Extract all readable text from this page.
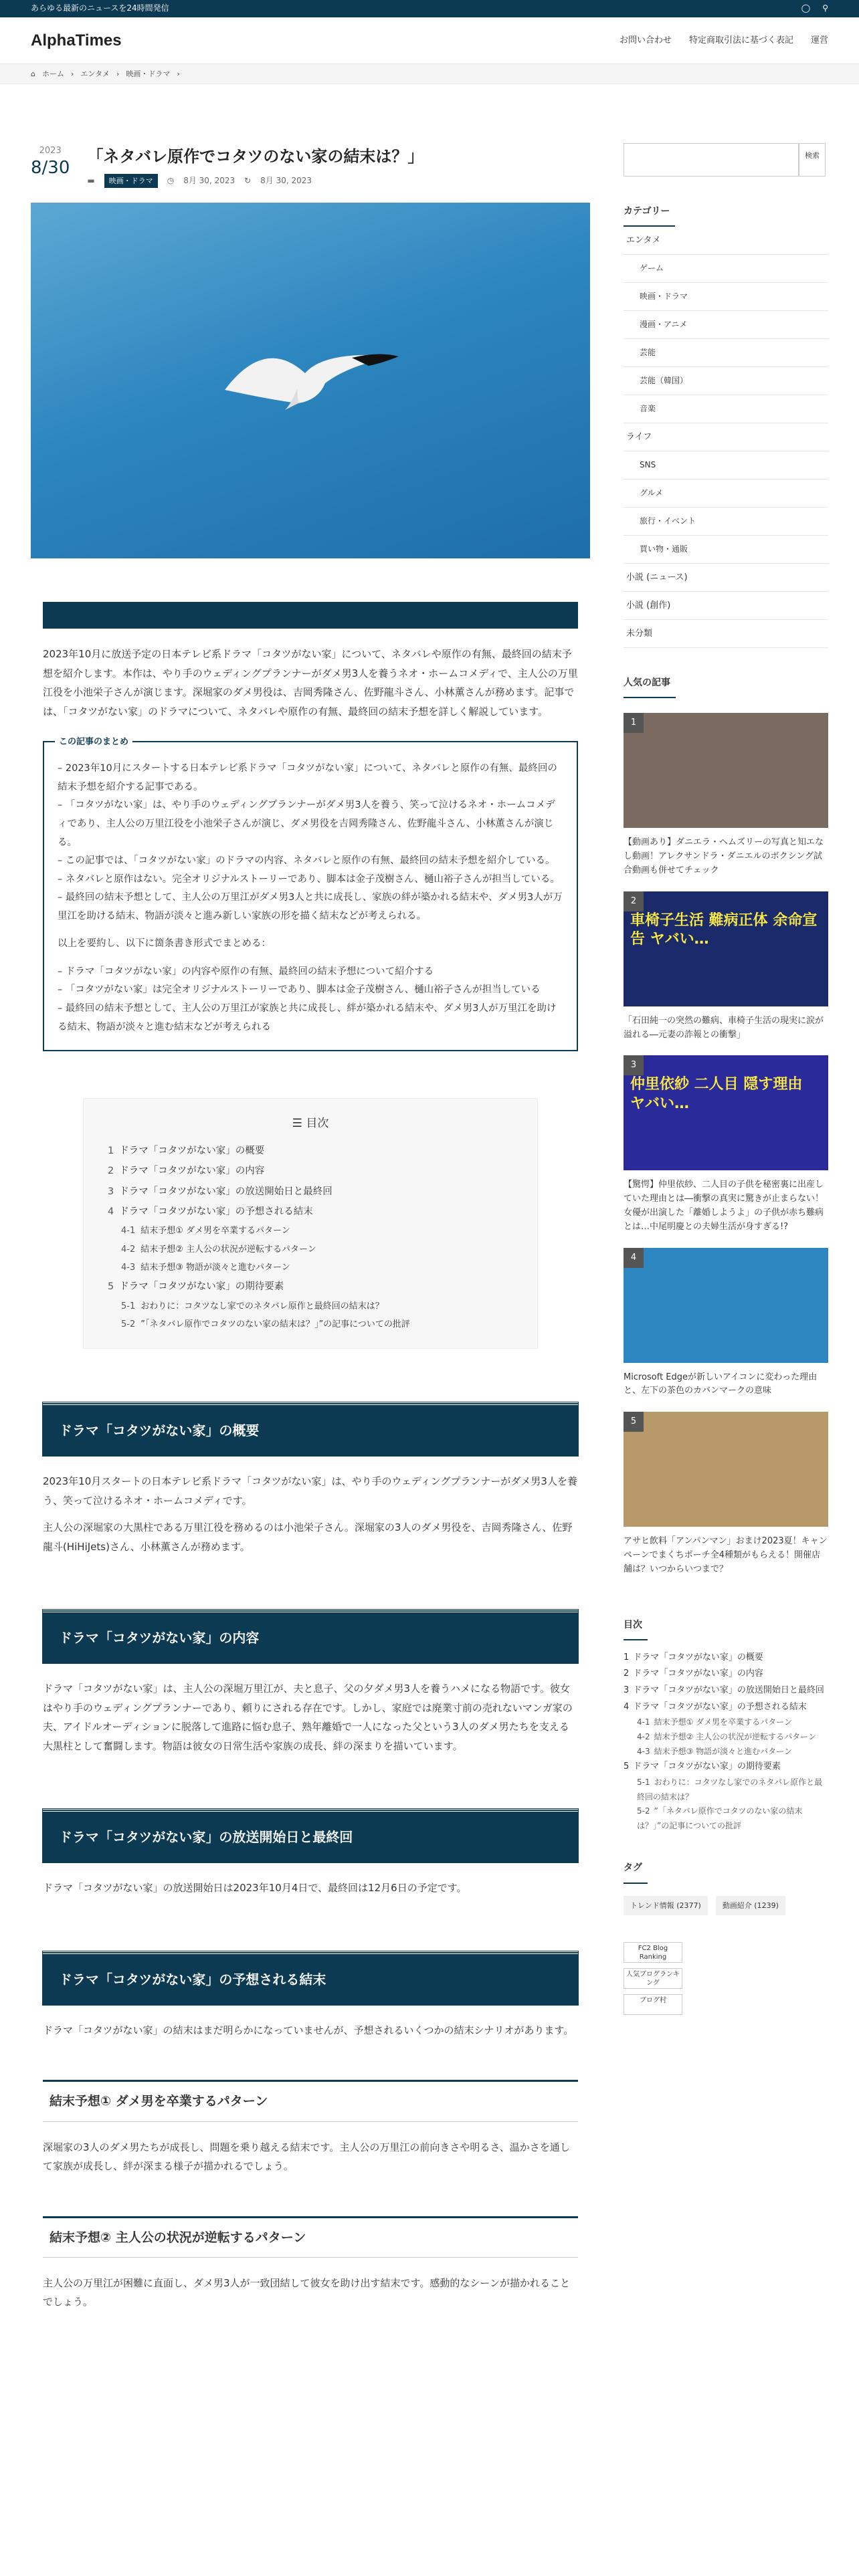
あらゆる最新のニュースを24時間発信	◯ ⚲
AlphaTimes	お問い合わせ 特定商取引法に基づく表記 運営
⌂ ホーム › エンタメ › 映画・ドラマ ›
2023
8/30
「ネタバレ原作でコタツのない家の結末は？」
▬	映画・ドラマ	◷ 8月 30, 2023 ↻ 8月 30, 2023

2023年10月に放送予定の日本テレビ系ドラマ「コタツがない家」について、ネタバレや原作の有無、最終回の結末予想を紹介します。本作は、やり手のウェディングプランナーがダメ男3人を養うネオ・ホームコメディで、主人公の万里江役を小池栄子さんが演じます。深堀家のダメ男役は、吉岡秀隆さん、佐野龍斗さん、小林薫さんが務めます。記事では、「コタツがない家」のドラマについて、ネタバレや原作の有無、最終回の結末予想を詳しく解説しています。

この記事のまとめ

– 2023年10月にスタートする日本テレビ系ドラマ「コタツがない家」について、ネタバレと原作の有無、最終回の結末予想を紹介する記事である。

– 「コタツがない家」は、やり手のウェディングプランナーがダメ男3人を養う、笑って泣けるネオ・ホームコメディであり、主人公の万里江役を小池栄子さんが演じ、ダメ男役を吉岡秀隆さん、佐野龍斗さん、小林薫さんが演じる。

– この記事では、「コタツがない家」のドラマの内容、ネタバレと原作の有無、最終回の結末予想を紹介している。

– ネタバレと原作はない。完全オリジナルストーリーであり、脚本は金子茂樹さん、樋山裕子さんが担当している。

– 最終回の結末予想として、主人公の万里江がダメ男3人と共に成長し、家族の絆が築かれる結末や、ダメ男3人が万里江を助ける結末、物語が淡々と進み新しい家族の形を描く結末などが考えられる。

以上を要約し、以下に箇条書き形式でまとめる：

– ドラマ「コタツがない家」の内容や原作の有無、最終回の結末予想について紹介する

– 「コタツがない家」は完全オリジナルストーリーであり、脚本は金子茂樹さん、樋山裕子さんが担当している

– 最終回の結末予想として、主人公の万里江が家族と共に成長し、絆が築かれる結末や、ダメ男3人が万里江を助ける結末、物語が淡々と進む結末などが考えられる

☰ 目次
1 ドラマ「コタツがない家」の概要
2 ドラマ「コタツがない家」の内容
3 ドラマ「コタツがない家」の放送開始日と最終回
4 ドラマ「コタツがない家」の予想される結末
4-1 結末予想① ダメ男を卒業するパターン
4-2 結末予想② 主人公の状況が逆転するパターン
4-3 結末予想③ 物語が淡々と進むパターン
5 ドラマ「コタツがない家」の期待要素
5-1 おわりに：コタツなし家でのネタバレ原作と最終回の結末は？
5-2 ”「ネタバレ原作でコタツのない家の結末は？」”の記事についての批評
ドラマ「コタツがない家」の概要

2023年10月スタートの日本テレビ系ドラマ「コタツがない家」は、やり手のウェディングプランナーがダメ男3人を養う、笑って泣けるネオ・ホームコメディです。

主人公の深堀家の大黒柱である万里江役を務めるのは小池栄子さん。深堀家の3人のダメ男役を、吉岡秀隆さん、佐野龍斗(HiHiJets)さん、小林薫さんが務めます。

ドラマ「コタツがない家」の内容

ドラマ「コタツがない家」は、主人公の深堀万里江が、夫と息子、父の夕ダメ男3人を養うハメになる物語です。彼女はやり手のウェディングプランナーであり、頼りにされる存在です。しかし、家庭では廃業寸前の売れないマンガ家の夫、アイドルオーディションに脱落して進路に悩む息子、熟年離婚で一人になった父という3人のダメ男たちを支える大黒柱として奮闘します。物語は彼女の日常生活や家族の成長、絆の深まりを描いています。

ドラマ「コタツがない家」の放送開始日と最終回

ドラマ「コタツがない家」の放送開始日は2023年10月4日で、最終回は12月6日の予定です。

ドラマ「コタツがない家」の予想される結末

ドラマ「コタツがない家」の結末はまだ明らかになっていませんが、予想されるいくつかの結末シナリオがあります。

結末予想① ダメ男を卒業するパターン

深堀家の3人のダメ男たちが成長し、問題を乗り越える結末です。主人公の万里江の前向きさや明るさ、温かさを通して家族が成長し、絆が深まる様子が描かれるでしょう。

結末予想② 主人公の状況が逆転するパターン

主人公の万里江が困難に直面し、ダメ男3人が一致団結して彼女を助け出す結末です。感動的なシーンが描かれることでしょう。

検索
カテゴリー
エンタメ
ゲーム
映画・ドラマ
漫画・アニメ
芸能
芸能（韓国）
音楽
ライフ
SNS
グルメ
旅行・イベント
買い物・通販
小説 (ニュース)
小説 (創作)
未分類
人気の記事
1
【動画あり】ダニエラ・ヘムズリーの写真と知エなし動画！アレクサンドラ・ダニエルのボクシング試合動画も併せてチェック
2
車椅子生活 難病正体 余命宣告 ヤバい…
「石田純一の突然の難病、車椅子生活の現実に涙が溢れる―元妻の詐報との衝撃」
3
仲里依紗 二人目 隠す理由 ヤバい…
【驚愕】仲里依紗、二人目の子供を秘密裏に出産していた理由とは―衝撃の真実に驚きが止まらない！女優が出演した「離婚しようよ」の子供が赤ち難病とは…中尾明慶との夫婦生活が身すぎる!?
4
Microsoft Edgeが新しいアイコンに変わった理由と、左下の茶色のカバンマークの意味
5
アサヒ飲料「アンパンマン」おまけ2023夏！キャンペーンでまくちポーチ全4種類がもらえる！開催店舗は？いつからいつまで？
目次
1 ドラマ「コタツがない家」の概要
2 ドラマ「コタツがない家」の内容
3 ドラマ「コタツがない家」の放送開始日と最終回
4 ドラマ「コタツがない家」の予想される結末
4-1 結末予想① ダメ男を卒業するパターン
4-2 結末予想② 主人公の状況が逆転するパターン
4-3 結末予想③ 物語が淡々と進むパターン
5 ドラマ「コタツがない家」の期待要素
5-1 おわりに：コタツなし家でのネタバレ原作と最終回の結末は？
5-2 ”「ネタバレ原作でコタツのない家の結末は？」”の記事についての批評
タグ
トレンド情報 (2377)	動画紹介 (1239)
FC2 Blog Ranking
人気ブログランキング
ブログ村
